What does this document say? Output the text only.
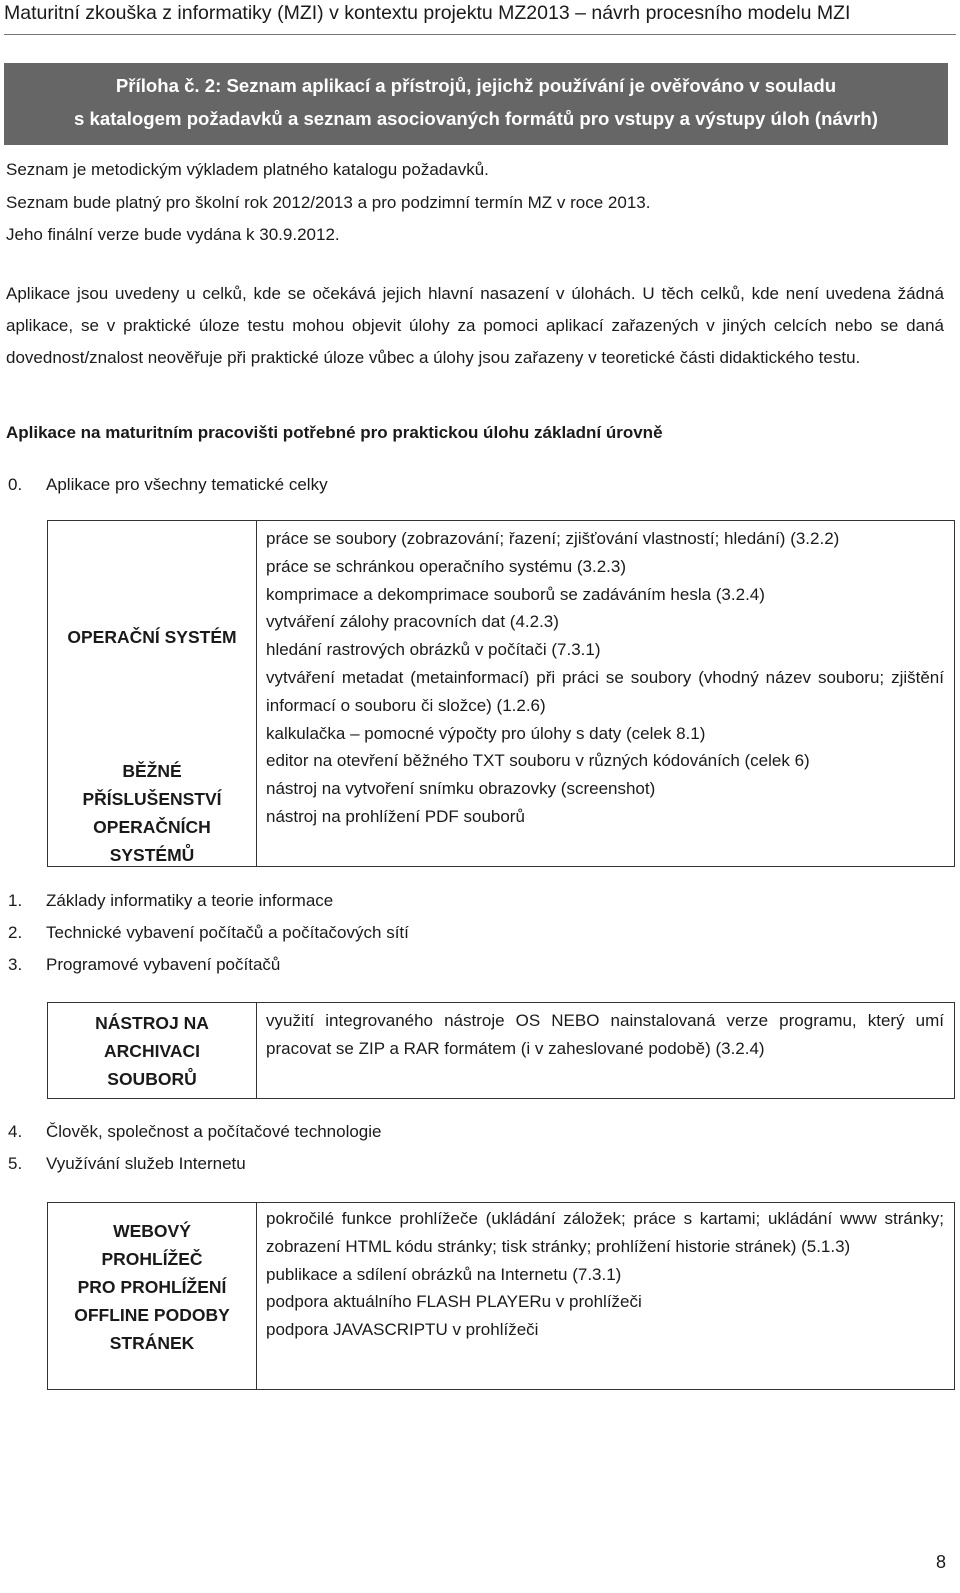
Maturitní zkouška z informatiky (MZI) v kontextu projektu MZ2013 – návrh procesního modelu MZI
Příloha č. 2: Seznam aplikací a přístrojů, jejichž používání je ověřováno v souladu
s katalogem požadavků a seznam asociovaných formátů pro vstupy a výstupy úloh (návrh)
Seznam je metodickým výkladem platného katalogu požadavků.
Seznam bude platný pro školní rok 2012/2013 a pro podzimní termín MZ v roce 2013.
Jeho finální verze bude vydána k 30.9.2012.
Aplikace jsou uvedeny u celků, kde se očekává jejich hlavní nasazení v úlohách. U těch celků, kde není uvedena žádná aplikace, se v praktické úloze testu mohou objevit úlohy za pomoci aplikací zařazených v jiných celcích nebo se daná dovednost/znalost neověřuje při praktické úloze vůbec a úlohy jsou zařazeny v teoretické části didaktického testu.
Aplikace na maturitním pracovišti potřebné pro praktickou úlohu základní úrovně
0. Aplikace pro všechny tematické celky
OPERAČNÍ SYSTÉM
BĚŽNÉ
PŘÍSLUŠENSTVÍ
OPERAČNÍCH
SYSTÉMŮ
práce se soubory (zobrazování; řazení; zjišťování vlastností; hledání) (3.2.2)
práce se schránkou operačního systému (3.2.3)
komprimace a dekomprimace souborů se zadáváním hesla (3.2.4)
vytváření zálohy pracovních dat (4.2.3)
hledání rastrových obrázků v počítači (7.3.1)
vytváření metadat (metainformací) při práci se soubory (vhodný název souboru; zjištění informací o souboru či složce) (1.2.6)
kalkulačka – pomocné výpočty pro úlohy s daty (celek 8.1)
editor na otevření běžného TXT souboru v různých kódováních (celek 6)
nástroj na vytvoření snímku obrazovky (screenshot)
nástroj na prohlížení PDF souborů
1. Základy informatiky a teorie informace
2. Technické vybavení počítačů a počítačových sítí
3. Programové vybavení počítačů
NÁSTROJ NA
ARCHIVACI
SOUBORŮ
využití integrovaného nástroje OS NEBO nainstalovaná verze programu, který umí pracovat se ZIP a RAR formátem (i v zaheslované podobě) (3.2.4)
4. Člověk, společnost a počítačové technologie
5. Využívání služeb Internetu
WEBOVÝ
PROHLÍŽEČ
PRO PROHLÍŽENÍ
OFFLINE PODOBY
STRÁNEK
pokročilé funkce prohlížeče (ukládání záložek; práce s kartami; ukládání www stránky; zobrazení HTML kódu stránky; tisk stránky; prohlížení historie stránek) (5.1.3)
publikace a sdílení obrázků na Internetu (7.3.1)
podpora aktuálního FLASH PLAYERu v prohlížeči
podpora JAVASCRIPTU v prohlížeči
8
